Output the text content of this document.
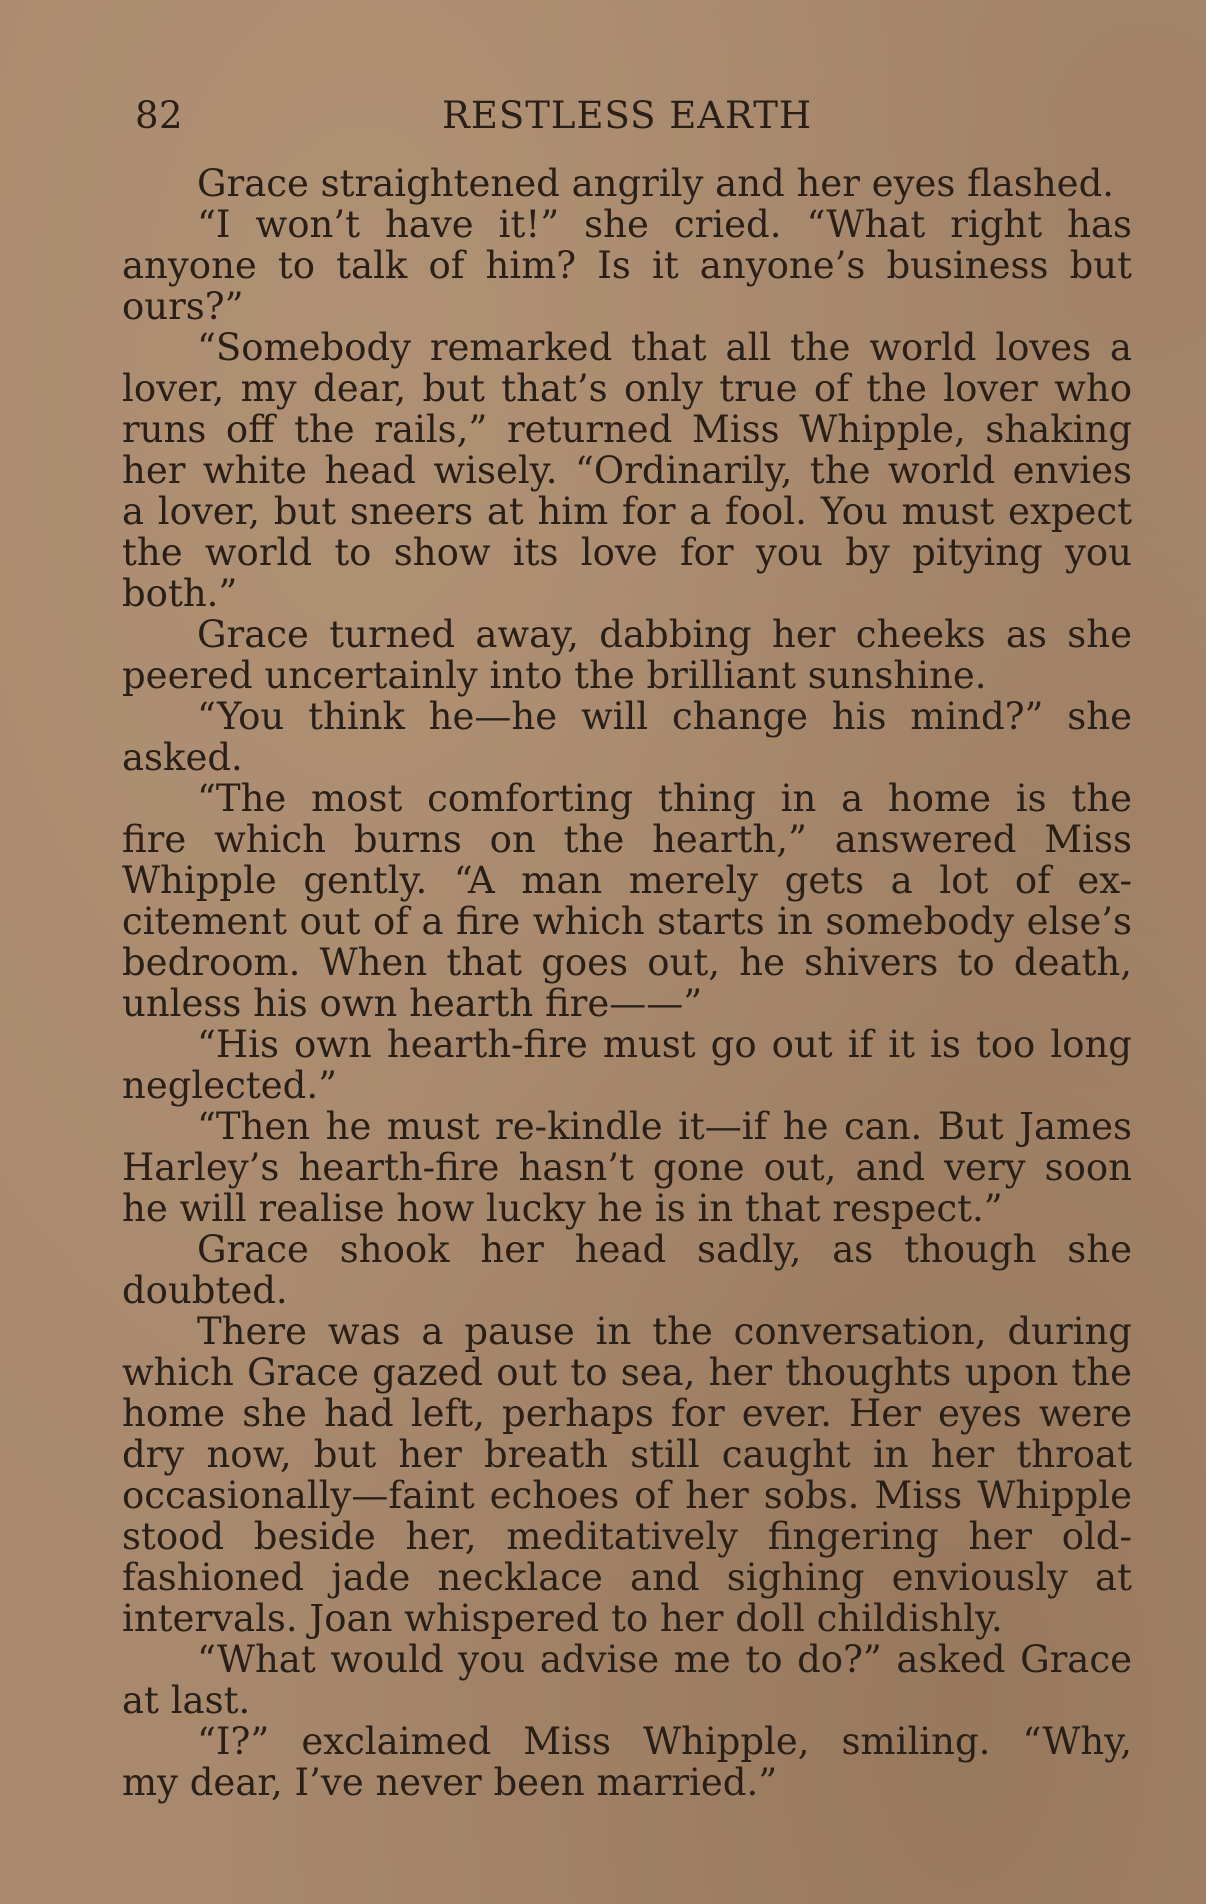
82	RESTLESS EARTH
Grace straightened angrily and her eyes flashed.
“I won’t have it!” she cried. “What right has
anyone to talk of him? Is it anyone’s business but
ours?”
“Somebody remarked that all the world loves a
lover, my dear, but that’s only true of the lover who
runs off the rails,” returned Miss Whipple, shaking
her white head wisely. “Ordinarily, the world envies
a lover, but sneers at him for a fool. You must expect
the world to show its love for you by pitying you
both.”
Grace turned away, dabbing her cheeks as she
peered uncertainly into the brilliant sunshine.
“You think he—he will change his mind?” she
asked.
“The most comforting thing in a home is the
fire which burns on the hearth,” answered Miss
Whipple gently. “A man merely gets a lot of ex-
citement out of a fire which starts in somebody else’s
bedroom. When that goes out, he shivers to death,
unless his own hearth fire——”
“His own hearth-fire must go out if it is too long
neglected.”
“Then he must re-kindle it—if he can. But James
Harley’s hearth-fire hasn’t gone out, and very soon
he will realise how lucky he is in that respect.”
Grace shook her head sadly, as though she
doubted.
There was a pause in the conversation, during
which Grace gazed out to sea, her thoughts upon the
home she had left, perhaps for ever. Her eyes were
dry now, but her breath still caught in her throat
occasionally—faint echoes of her sobs. Miss Whipple
stood beside her, meditatively fingering her old-
fashioned jade necklace and sighing enviously at
intervals. Joan whispered to her doll childishly.
“What would you advise me to do?” asked Grace
at last.
“I?” exclaimed Miss Whipple, smiling. “Why,
my dear, I’ve never been married.”
